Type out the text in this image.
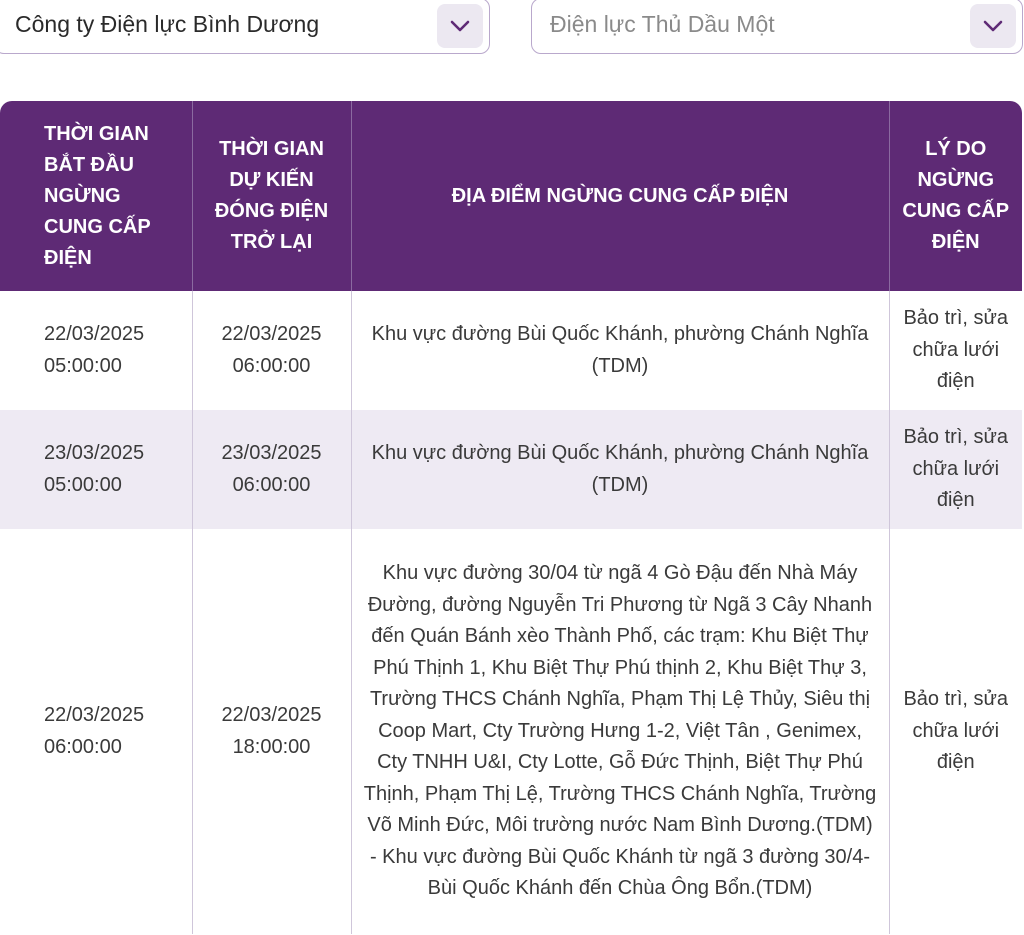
Công ty Điện lực Bình Dương	Điện lực Thủ Dầu Một
THỜI GIAN BẮT ĐẦU NGỪNG CUNG CẤP ĐIỆN	THỜI GIAN DỰ KIẾN ĐÓNG ĐIỆN TRỞ LẠI	ĐỊA ĐIỂM NGỪNG CUNG CẤP ĐIỆN	LÝ DO NGỪNG CUNG CẤP ĐIỆN
22/03/2025 05:00:00	22/03/2025 06:00:00	Khu vực đường Bùi Quốc Khánh, phường Chánh Nghĩa (TDM)	Bảo trì, sửa chữa lưới điện
23/03/2025 05:00:00	23/03/2025 06:00:00	Khu vực đường Bùi Quốc Khánh, phường Chánh Nghĩa (TDM)	Bảo trì, sửa chữa lưới điện
22/03/2025 06:00:00	22/03/2025 18:00:00	Khu vực đường 30/04 từ ngã 4 Gò Đậu đến Nhà Máy Đường, đường Nguyễn Tri Phương từ Ngã 3 Cây Nhanh đến Quán Bánh xèo Thành Phố, các trạm: Khu Biệt Thự Phú Thịnh 1, Khu Biệt Thự Phú thịnh 2, Khu Biệt Thự 3, Trường THCS Chánh Nghĩa, Phạm Thị Lệ Thủy, Siêu thị Coop Mart, Cty Trường Hưng 1-2, Việt Tân , Genimex, Cty TNHH U&I, Cty Lotte, Gỗ Đức Thịnh, Biệt Thự Phú Thịnh, Phạm Thị Lệ, Trường THCS Chánh Nghĩa, Trường Võ Minh Đức, Môi trường nước Nam Bình Dương.(TDM) - Khu vực đường Bùi Quốc Khánh từ ngã 3 đường 30/4-Bùi Quốc Khánh đến Chùa Ông Bổn.(TDM)	Bảo trì, sửa chữa lưới điện
